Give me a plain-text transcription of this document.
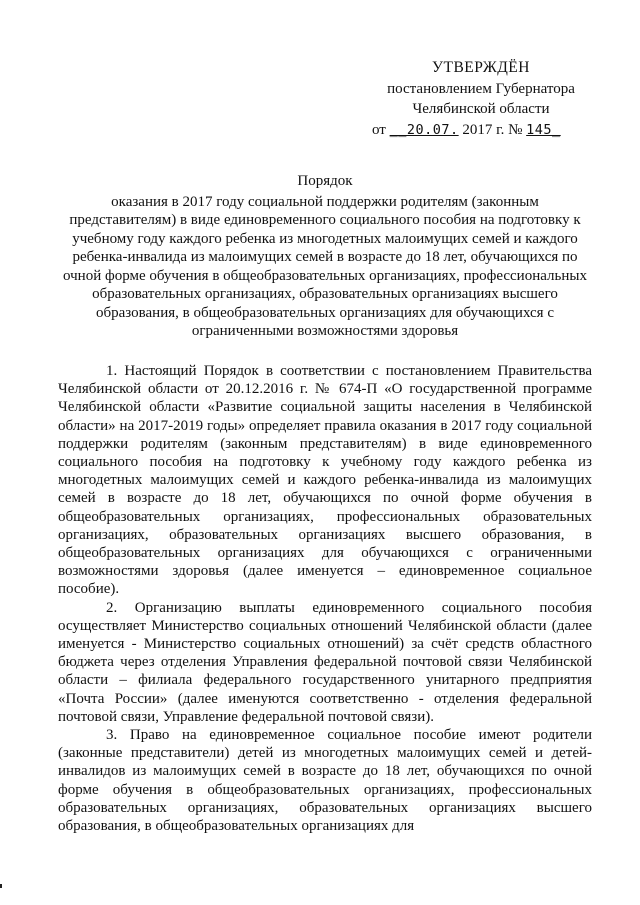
УТВЕРЖДЁН
постановлением Губернатора
Челябинской области
от __20.07. 2017 г. № 145_
Порядок
оказания в 2017 году социальной поддержки родителям (законным представителям) в виде единовременного социального пособия на подготовку к учебному году каждого ребенка из многодетных малоимущих семей и каждого ребенка-инвалида из малоимущих семей в возрасте до 18 лет, обучающихся по очной форме обучения в общеобразовательных организациях, профессиональных образовательных организациях, образовательных организациях высшего образования, в общеобразовательных организациях для обучающихся с ограниченными возможностями здоровья

1. Настоящий Порядок в соответствии с постановлением Правительства Челябинской области от 20.12.2016 г. № 674-П «О государственной программе Челябинской области «Развитие социальной защиты населения в Челябинской области» на 2017-2019 годы» определяет правила оказания в 2017 году социальной поддержки родителям (законным представителям) в виде единовременного социального пособия на подготовку к учебному году каждого ребенка из многодетных малоимущих семей и каждого ребенка-инвалида из малоимущих семей в возрасте до 18 лет, обучающихся по очной форме обучения в общеобразовательных организациях, профессиональных образовательных организациях, образовательных организациях высшего образования, в общеобразовательных организациях для обучающихся с ограниченными возможностями здоровья (далее именуется – единовременное социальное пособие).

2. Организацию выплаты единовременного социального пособия осуществляет Министерство социальных отношений Челябинской области (далее именуется - Министерство социальных отношений) за счёт средств областного бюджета через отделения Управления федеральной почтовой связи Челябинской области – филиала федерального государственного унитарного предприятия «Почта России» (далее именуются соответственно - отделения федеральной почтовой связи, Управление федеральной почтовой связи).

3. Право на единовременное социальное пособие имеют родители (законные представители) детей из многодетных малоимущих семей и детей-инвалидов из малоимущих семей в возрасте до 18 лет, обучающихся по очной форме обучения в общеобразовательных организациях, профессиональных образовательных организациях, образовательных организациях высшего образования, в общеобразовательных организациях для
